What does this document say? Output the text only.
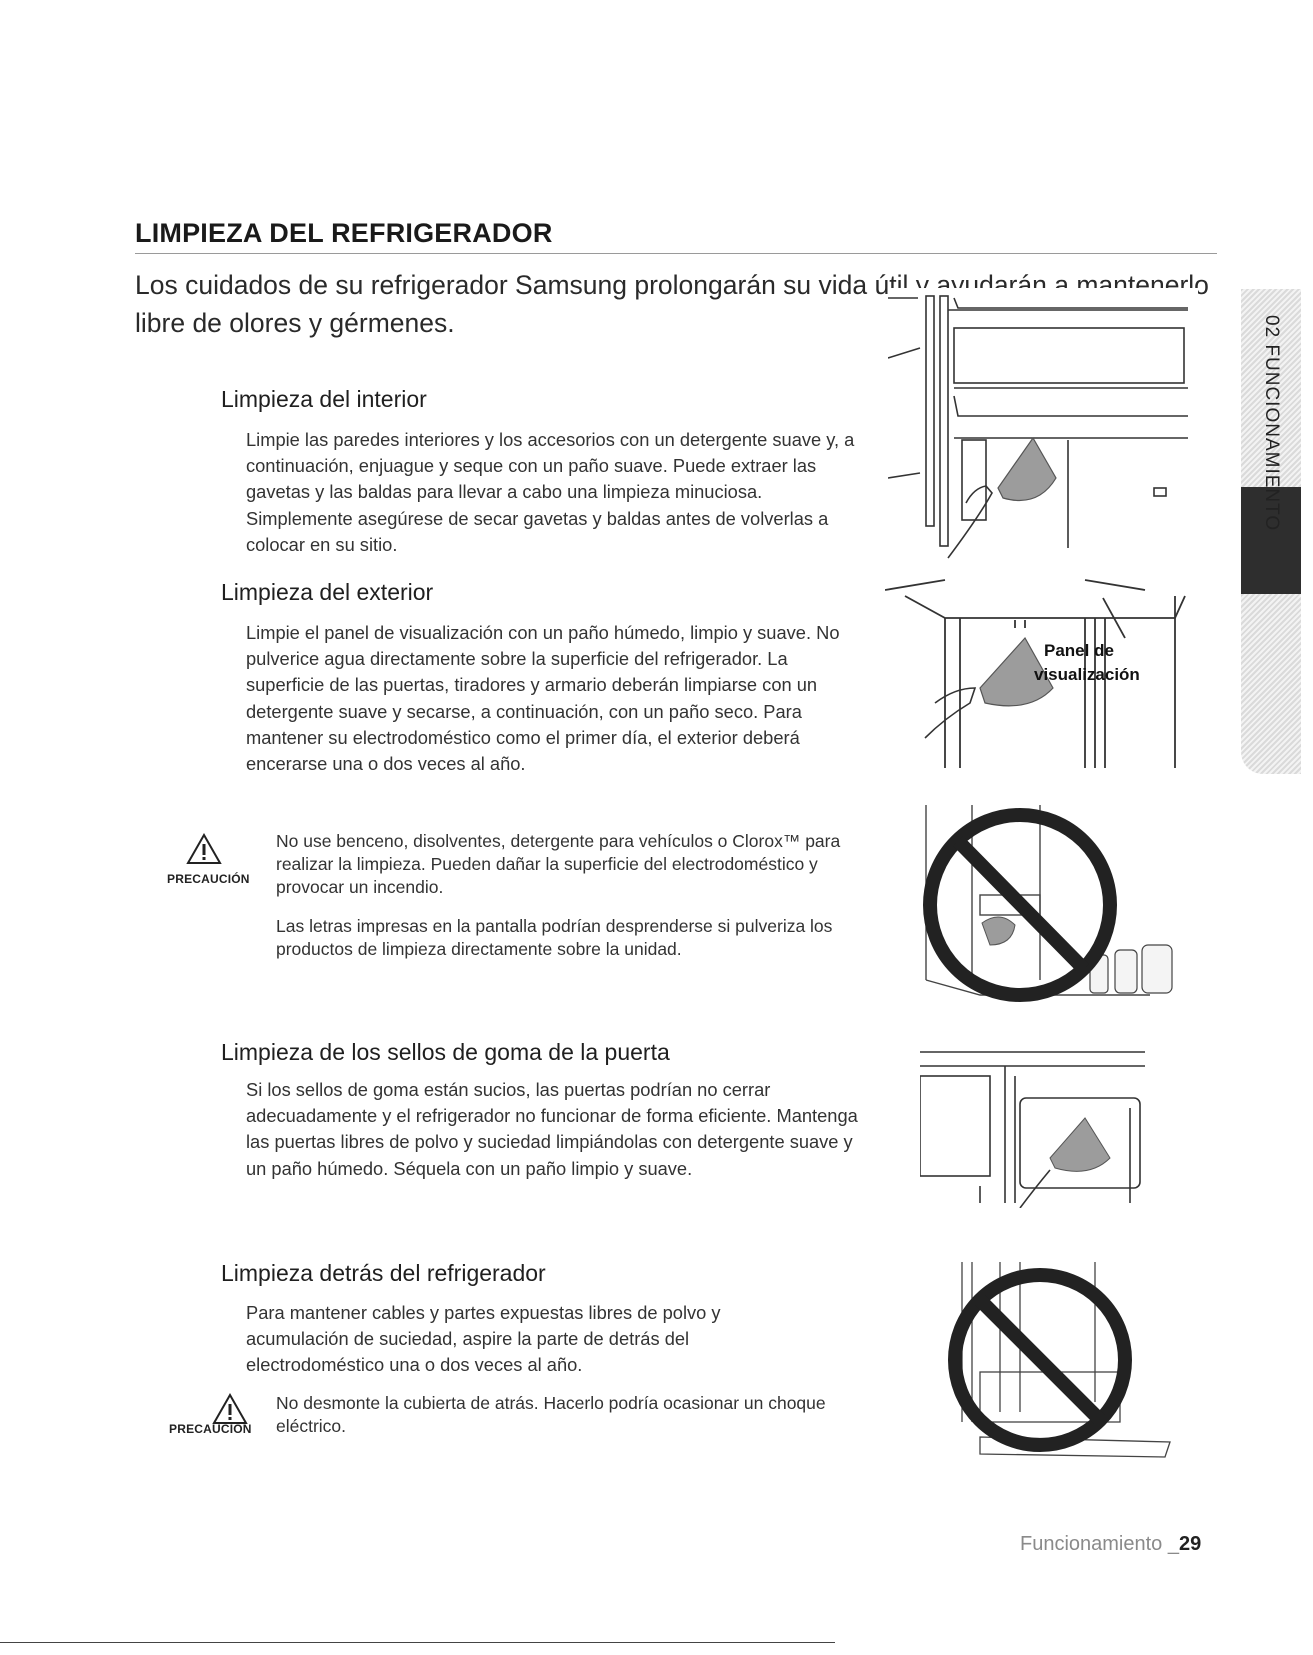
LIMPIEZA DEL REFRIGERADOR
Los cuidados de su refrigerador Samsung prolongarán su vida útil y ayudarán a mantenerlo libre de olores y gérmenes.
Limpieza del interior
Limpie las paredes interiores y los accesorios con un detergente suave y, a continuación, enjuague y seque con un paño suave. Puede extraer las gavetas y las baldas para llevar a cabo una limpieza minuciosa. Simplemente asegúrese de secar gavetas y baldas antes de volverlas a colocar en su sitio.
Limpieza del exterior
Limpie el panel de visualización con un paño húmedo, limpio y suave. No pulverice agua directamente sobre la superficie del refrigerador. La superficie de las puertas, tiradores y armario deberán limpiarse con un detergente suave y secarse, a continuación, con un paño seco. Para mantener su electrodoméstico como el primer día, el exterior deberá encerarse una o dos veces al año.
PRECAUCIÓN
No use benceno, disolventes, detergente para vehículos o Clorox™ para realizar la limpieza. Pueden dañar la superficie del electrodoméstico y provocar un incendio.
Las letras impresas en la pantalla podrían desprenderse si pulveriza los productos de limpieza directamente sobre la unidad.
Limpieza de los sellos de goma de la puerta
Si los sellos de goma están sucios, las puertas podrían no cerrar adecuadamente y el refrigerador no funcionar de forma eficiente. Mantenga las puertas libres de polvo y suciedad limpiándolas con detergente suave y un paño húmedo. Séquela con un paño limpio y suave.
Limpieza detrás del refrigerador
Para mantener cables y partes expuestas libres de polvo y acumulación de suciedad, aspire la parte de detrás del electrodoméstico una o dos veces al año.
PRECAUCIÓN
No desmonte la cubierta de atrás. Hacerlo podría ocasionar un choque eléctrico.
Panel de
visualización
02 FUNCIONAMIENTO
Funcionamiento _29
